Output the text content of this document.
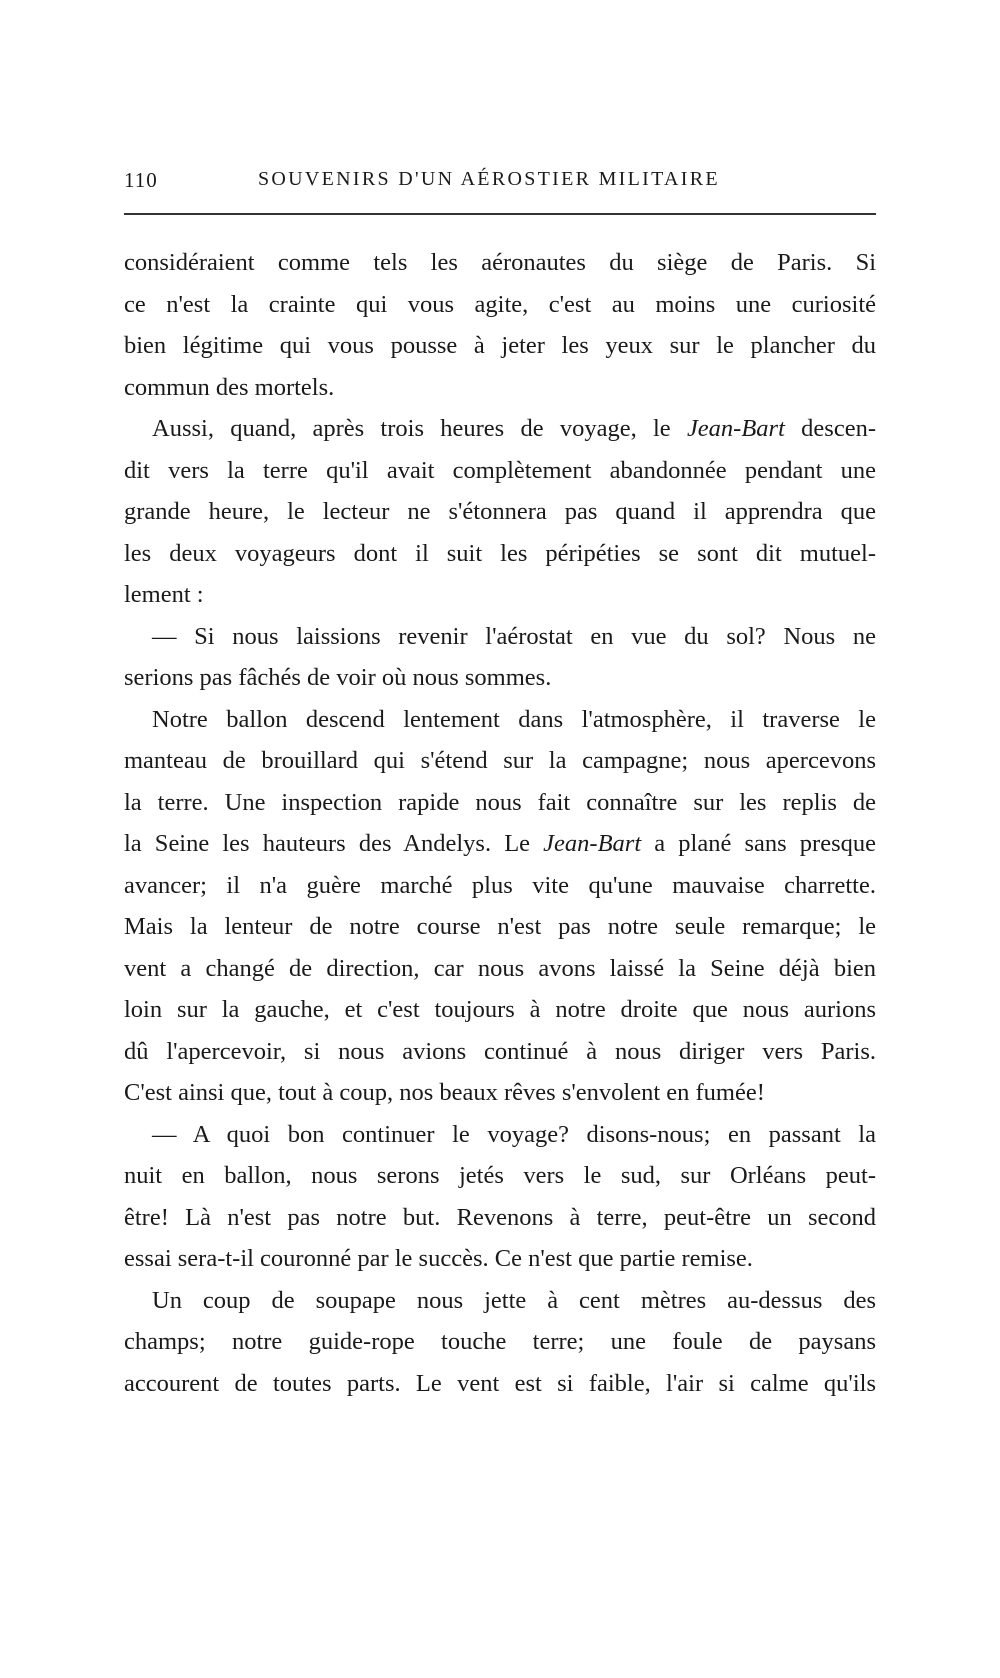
110	SOUVENIRS D'UN AÉROSTIER MILITAIRE
considéraient comme tels les aéronautes du siège de Paris. Si
ce n'est la crainte qui vous agite, c'est au moins une curiosité
bien légitime qui vous pousse à jeter les yeux sur le plancher du
commun des mortels.
Aussi, quand, après trois heures de voyage, le Jean-Bart descen-
dit vers la terre qu'il avait complètement abandonnée pendant une
grande heure, le lecteur ne s'étonnera pas quand il apprendra que
les deux voyageurs dont il suit les péripéties se sont dit mutuel-
lement :
— Si nous laissions revenir l'aérostat en vue du sol? Nous ne
serions pas fâchés de voir où nous sommes.
Notre ballon descend lentement dans l'atmosphère, il traverse le
manteau de brouillard qui s'étend sur la campagne; nous apercevons
la terre. Une inspection rapide nous fait connaître sur les replis de
la Seine les hauteurs des Andelys. Le Jean-Bart a plané sans presque
avancer; il n'a guère marché plus vite qu'une mauvaise charrette.
Mais la lenteur de notre course n'est pas notre seule remarque; le
vent a changé de direction, car nous avons laissé la Seine déjà bien
loin sur la gauche, et c'est toujours à notre droite que nous aurions
dû l'apercevoir, si nous avions continué à nous diriger vers Paris.
C'est ainsi que, tout à coup, nos beaux rêves s'envolent en fumée!
— A quoi bon continuer le voyage? disons-nous; en passant la
nuit en ballon, nous serons jetés vers le sud, sur Orléans peut-
être! Là n'est pas notre but. Revenons à terre, peut-être un second
essai sera-t-il couronné par le succès. Ce n'est que partie remise.
Un coup de soupape nous jette à cent mètres au-dessus des
champs; notre guide-rope touche terre; une foule de paysans
accourent de toutes parts. Le vent est si faible, l'air si calme qu'ils
